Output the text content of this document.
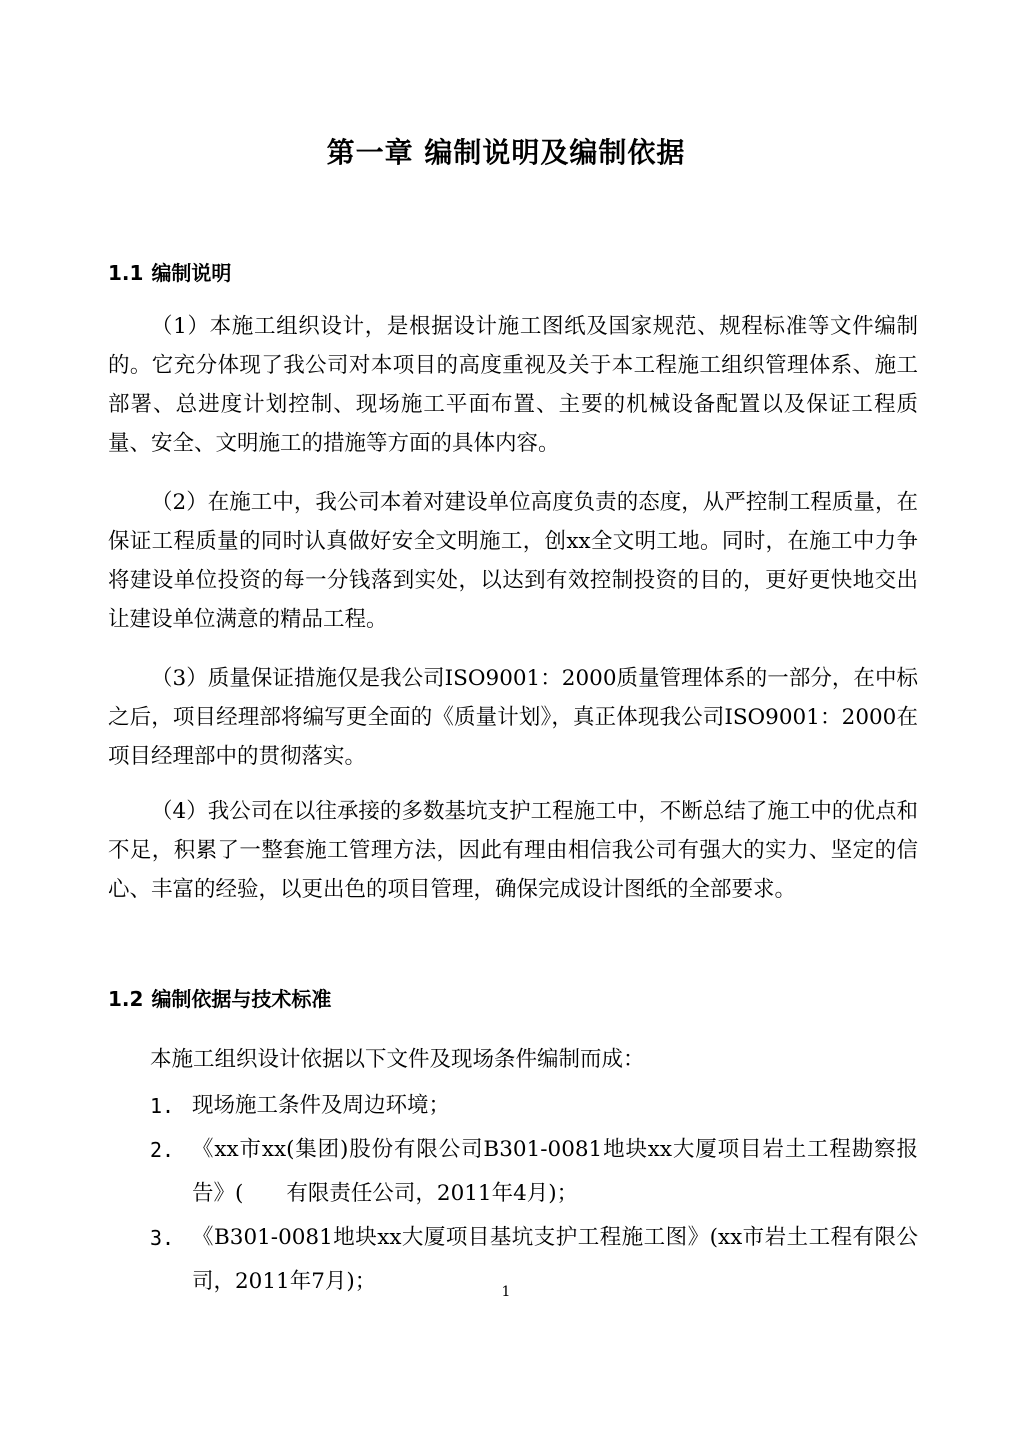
第一章 编制说明及编制依据
1.1 编制说明
（1）本施工组织设计，是根据设计施工图纸及国家规范、规程标准等文件编制的。它充分体现了我公司对本项目的高度重视及关于本工程施工组织管理体系、施工部署、总进度计划控制、现场施工平面布置、主要的机械设备配置以及保证工程质量、安全、文明施工的措施等方面的具体内容。
（2）在施工中，我公司本着对建设单位高度负责的态度，从严控制工程质量，在保证工程质量的同时认真做好安全文明施工，创xx全文明工地。同时，在施工中力争将建设单位投资的每一分钱落到实处，以达到有效控制投资的目的，更好更快地交出让建设单位满意的精品工程。
（3）质量保证措施仅是我公司ISO9001：2000质量管理体系的一部分，在中标之后，项目经理部将编写更全面的《质量计划》，真正体现我公司ISO9001：2000在项目经理部中的贯彻落实。
（4）我公司在以往承接的多数基坑支护工程施工中，不断总结了施工中的优点和不足，积累了一整套施工管理方法，因此有理由相信我公司有强大的实力、坚定的信心、丰富的经验，以更出色的项目管理，确保完成设计图纸的全部要求。
1.2 编制依据与技术标准
本施工组织设计依据以下文件及现场条件编制而成：
1. 现场施工条件及周边环境；
2. 《xx市xx(集团)股份有限公司B301-0081地块xx大厦项目岩土工程勘察报告》(　　有限责任公司，2011年4月)；
3. 《B301-0081地块xx大厦项目基坑支护工程施工图》(xx市岩土工程有限公司，2011年7月)；	1
